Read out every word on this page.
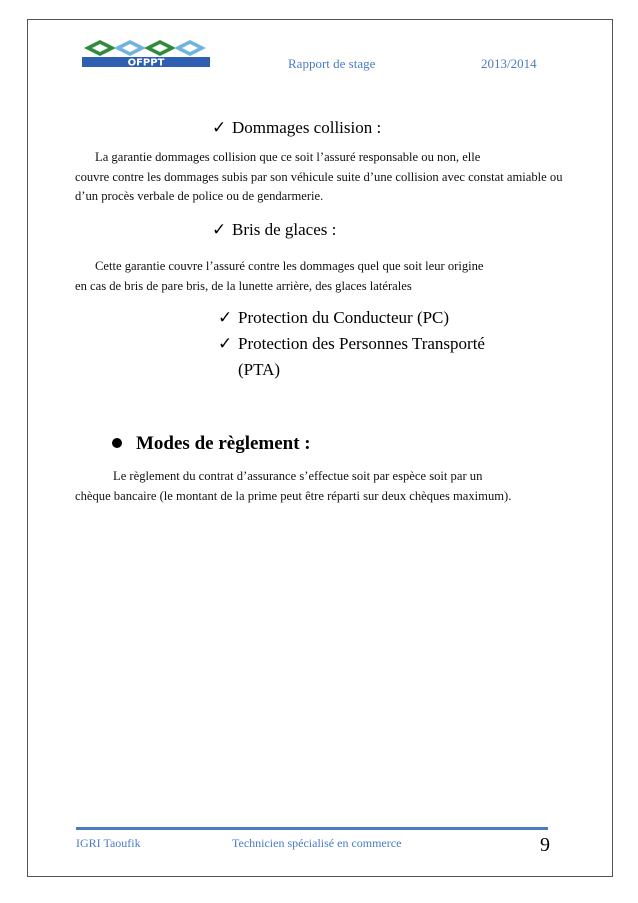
OFPPT	Rapport de stage	2013/2014
✓ Dommages collision :

La garantie dommages collision que ce soit l’assuré responsable ou non, elle
couvre contre les dommages subis par son véhicule suite d’une collision avec constat amiable ou d’un procès verbale de police ou de gendarmerie.

✓ Bris de glaces :

Cette garantie couvre l’assuré contre les dommages quel que soit leur origine
en cas de bris de pare bris, de la lunette arrière, des glaces latérales

✓ Protection du Conducteur (PC)
✓ Protection des Personnes Transporté
(PTA)
Modes de règlement :

Le règlement du contrat d’assurance s’effectue soit par espèce soit par un
chèque bancaire (le montant de la prime peut être réparti sur deux chèques maximum).

IGRI Taoufik	Technicien spécialisé en commerce	9
